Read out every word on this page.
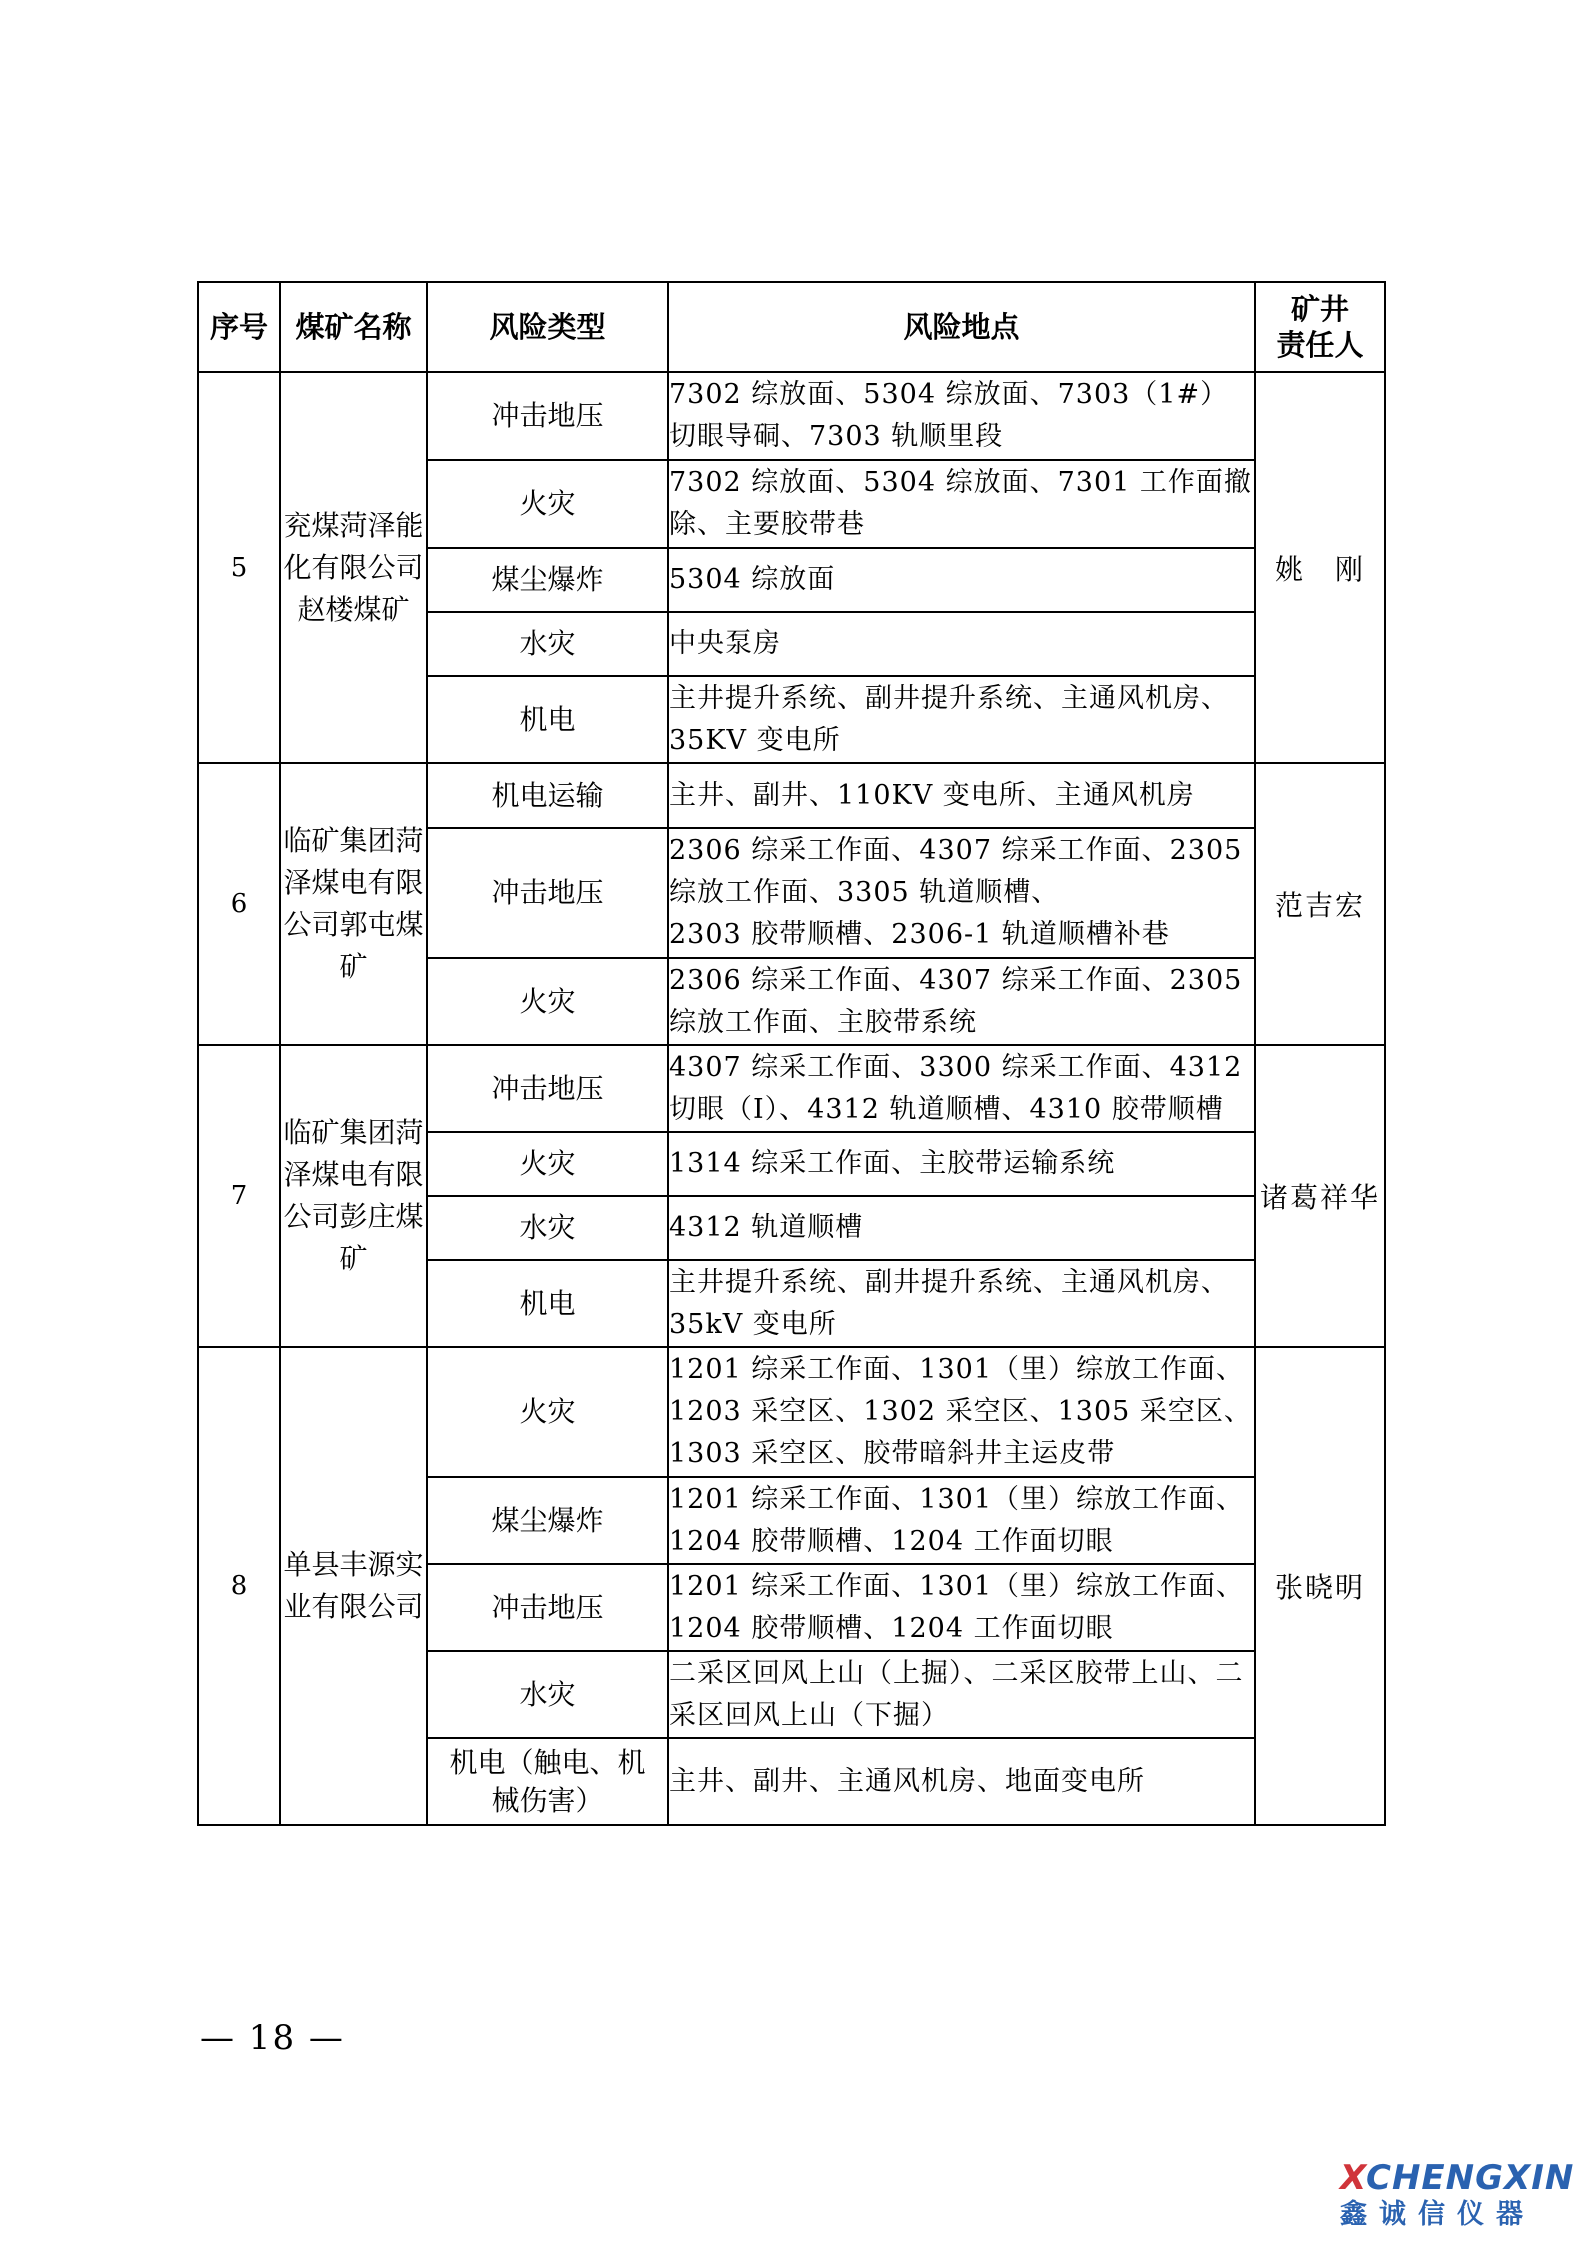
序号	煤矿名称	风险类型	风险地点	矿井
责任人
5	兖煤菏泽能化有限公司赵楼煤矿	冲击地压	7302 综放面、5304 综放面、7303（1#）切眼导硐、7303 轨顺里段	姚　刚
		火灾	7302 综放面、5304 综放面、7301 工作面撤除、主要胶带巷	
		煤尘爆炸	5304 综放面	
		水灾	中央泵房	
		机电	主井提升系统、副井提升系统、主通风机房、35KV 变电所	
6	临矿集团菏泽煤电有限公司郭屯煤矿	机电运输	主井、副井、110KV 变电所、主通风机房	范吉宏
		冲击地压	2306 综采工作面、4307 综采工作面、2305 综放工作面、3305 轨道顺槽、
2303 胶带顺槽、2306-1 轨道顺槽补巷	
		火灾	2306 综采工作面、4307 综采工作面、2305 综放工作面、主胶带系统	
7	临矿集团菏泽煤电有限公司彭庄煤矿	冲击地压	4307 综采工作面、3300 综采工作面、4312 切眼（Ⅰ）、4312 轨道顺槽、4310 胶带顺槽	诸葛祥华
		火灾	1314 综采工作面、主胶带运输系统	
		水灾	4312 轨道顺槽	
		机电	主井提升系统、副井提升系统、主通风机房、35kV 变电所	
8	单县丰源实业有限公司	火灾	1201 综采工作面、1301（里）综放工作面、1203 采空区、1302 采空区、1305 采空区、1303 采空区、胶带暗斜井主运皮带	张晓明
		煤尘爆炸	1201 综采工作面、1301（里）综放工作面、1204 胶带顺槽、1204 工作面切眼	
		冲击地压	1201 综采工作面、1301（里）综放工作面、1204 胶带顺槽、1204 工作面切眼	
		水灾	二采区回风上山（上掘）、二采区胶带上山、二采区回风上山（下掘）	
		机电（触电、机械伤害）	主井、副井、主通风机房、地面变电所	
— 18 —
XCHENGXIN
鑫诚信仪器
